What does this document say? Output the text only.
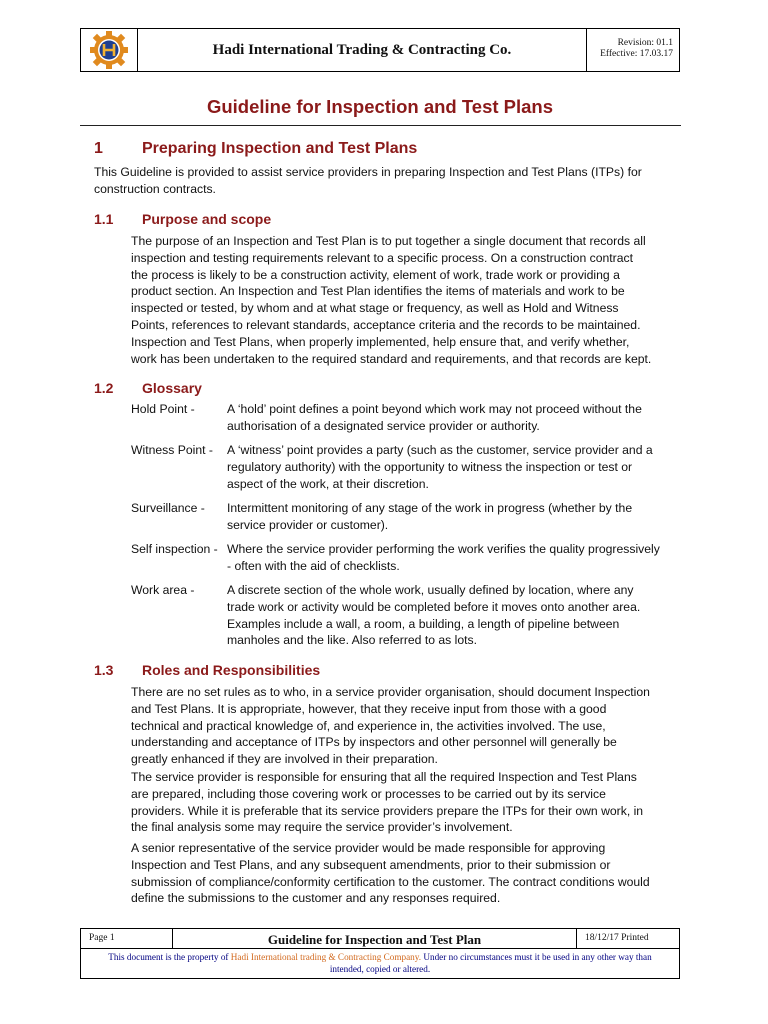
Hadi International Trading & Contracting Co.	Revision: 01.1
Effective: 17.03.17
Guideline for Inspection and Test Plans
1 Preparing Inspection and Test Plans
This Guideline is provided to assist service providers in preparing Inspection and Test Plans (ITPs) for
construction contracts.
1.1 Purpose and scope
The purpose of an Inspection and Test Plan is to put together a single document that records all
inspection and testing requirements relevant to a specific process. On a construction contract
the process is likely to be a construction activity, element of work, trade work or providing a
product section. An Inspection and Test Plan identifies the items of materials and work to be
inspected or tested, by whom and at what stage or frequency, as well as Hold and Witness
Points, references to relevant standards, acceptance criteria and the records to be maintained.
Inspection and Test Plans, when properly implemented, help ensure that, and verify whether,
work has been undertaken to the required standard and requirements, and that records are kept.
1.2 Glossary
Hold Point -	A ‘hold’ point defines a point beyond which work may not proceed without the
authorisation of a designated service provider or authority.
Witness Point - A ‘witness’ point provides a party (such as the customer, service provider and a
regulatory authority) with the opportunity to witness the inspection or test or
aspect of the work, at their discretion.
Surveillance - Intermittent monitoring of any stage of the work in progress (whether by the
service provider or customer).
Self inspection - Where the service provider performing the work verifies the quality progressively
- often with the aid of checklists.
Work area -	A discrete section of the whole work, usually defined by location, where any
trade work or activity would be completed before it moves onto another area.
Examples include a wall, a room, a building, a length of pipeline between
manholes and the like. Also referred to as lots.
1.3 Roles and Responsibilities
There are no set rules as to who, in a service provider organisation, should document Inspection
and Test Plans. It is appropriate, however, that they receive input from those with a good
technical and practical knowledge of, and experience in, the activities involved. The use,
understanding and acceptance of ITPs by inspectors and other personnel will generally be
greatly enhanced if they are involved in their preparation.
The service provider is responsible for ensuring that all the required Inspection and Test Plans
are prepared, including those covering work or processes to be carried out by its service
providers. While it is preferable that its service providers prepare the ITPs for their own work, in
the final analysis some may require the service provider’s involvement.
A senior representative of the service provider would be made responsible for approving
Inspection and Test Plans, and any subsequent amendments, prior to their submission or
submission of compliance/conformity certification to the customer. The contract conditions would
define the submissions to the customer and any responses required.
Page 1	Guideline for Inspection and Test Plan	18/12/17 Printed
This document is the property of Hadi International trading & Contracting Company. Under no circumstances must it be used in any other way than intended, copied or altered.
